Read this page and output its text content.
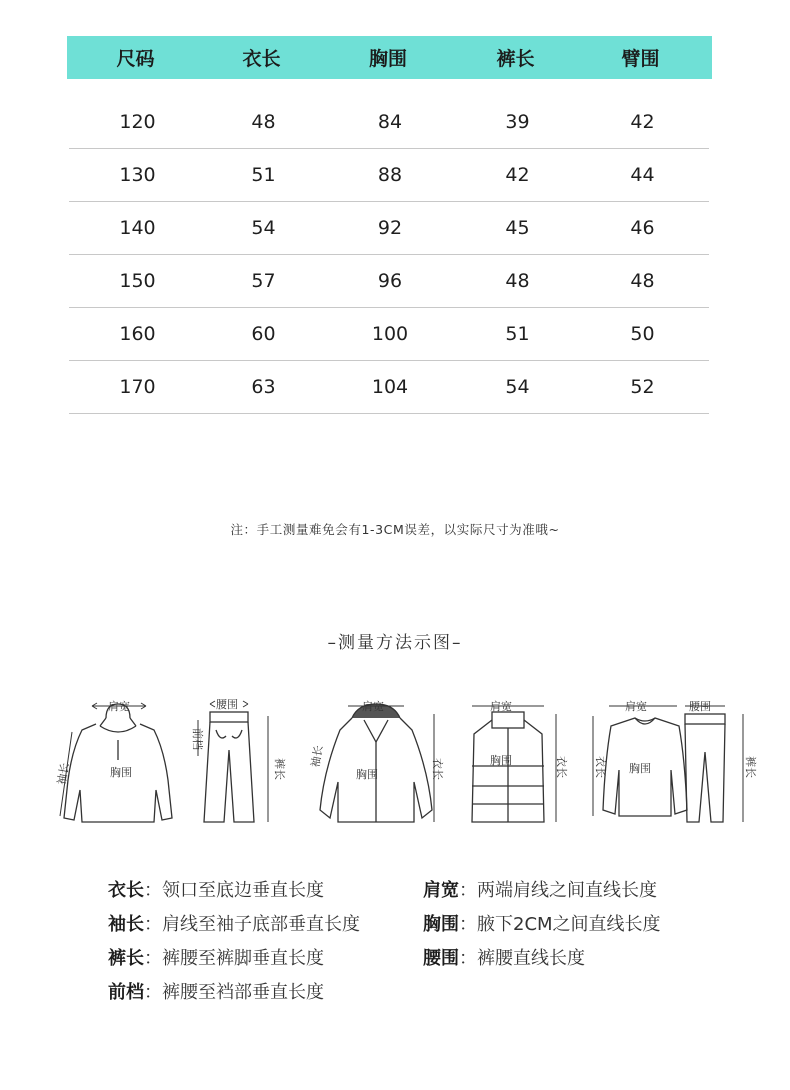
尺码	衣长	胸围	裤长	臂围
120	48	84	39	42
130	51	88	42	44
140	54	92	45	46
150	57	96	48	48
160	60	100	51	50
170	63	104	54	52
注：手工测量难免会有1-3CM误差，以实际尺寸为准哦~
–测量方法示图–
肩宽
胸围
袖长
腰围
前档
裤长
肩宽
胸围
袖长
衣长
肩宽
胸围	衣长
肩宽	腰围
胸围
衣长	裤长
衣长 ： 领口至底边垂直长度
袖长 ： 肩线至袖子底部垂直长度
裤长 ： 裤腰至裤脚垂直长度
前档 ： 裤腰至裆部垂直长度
肩宽 ： 两端肩线之间直线长度
胸围 ： 腋下2CM之间直线长度
腰围 ： 裤腰直线长度
